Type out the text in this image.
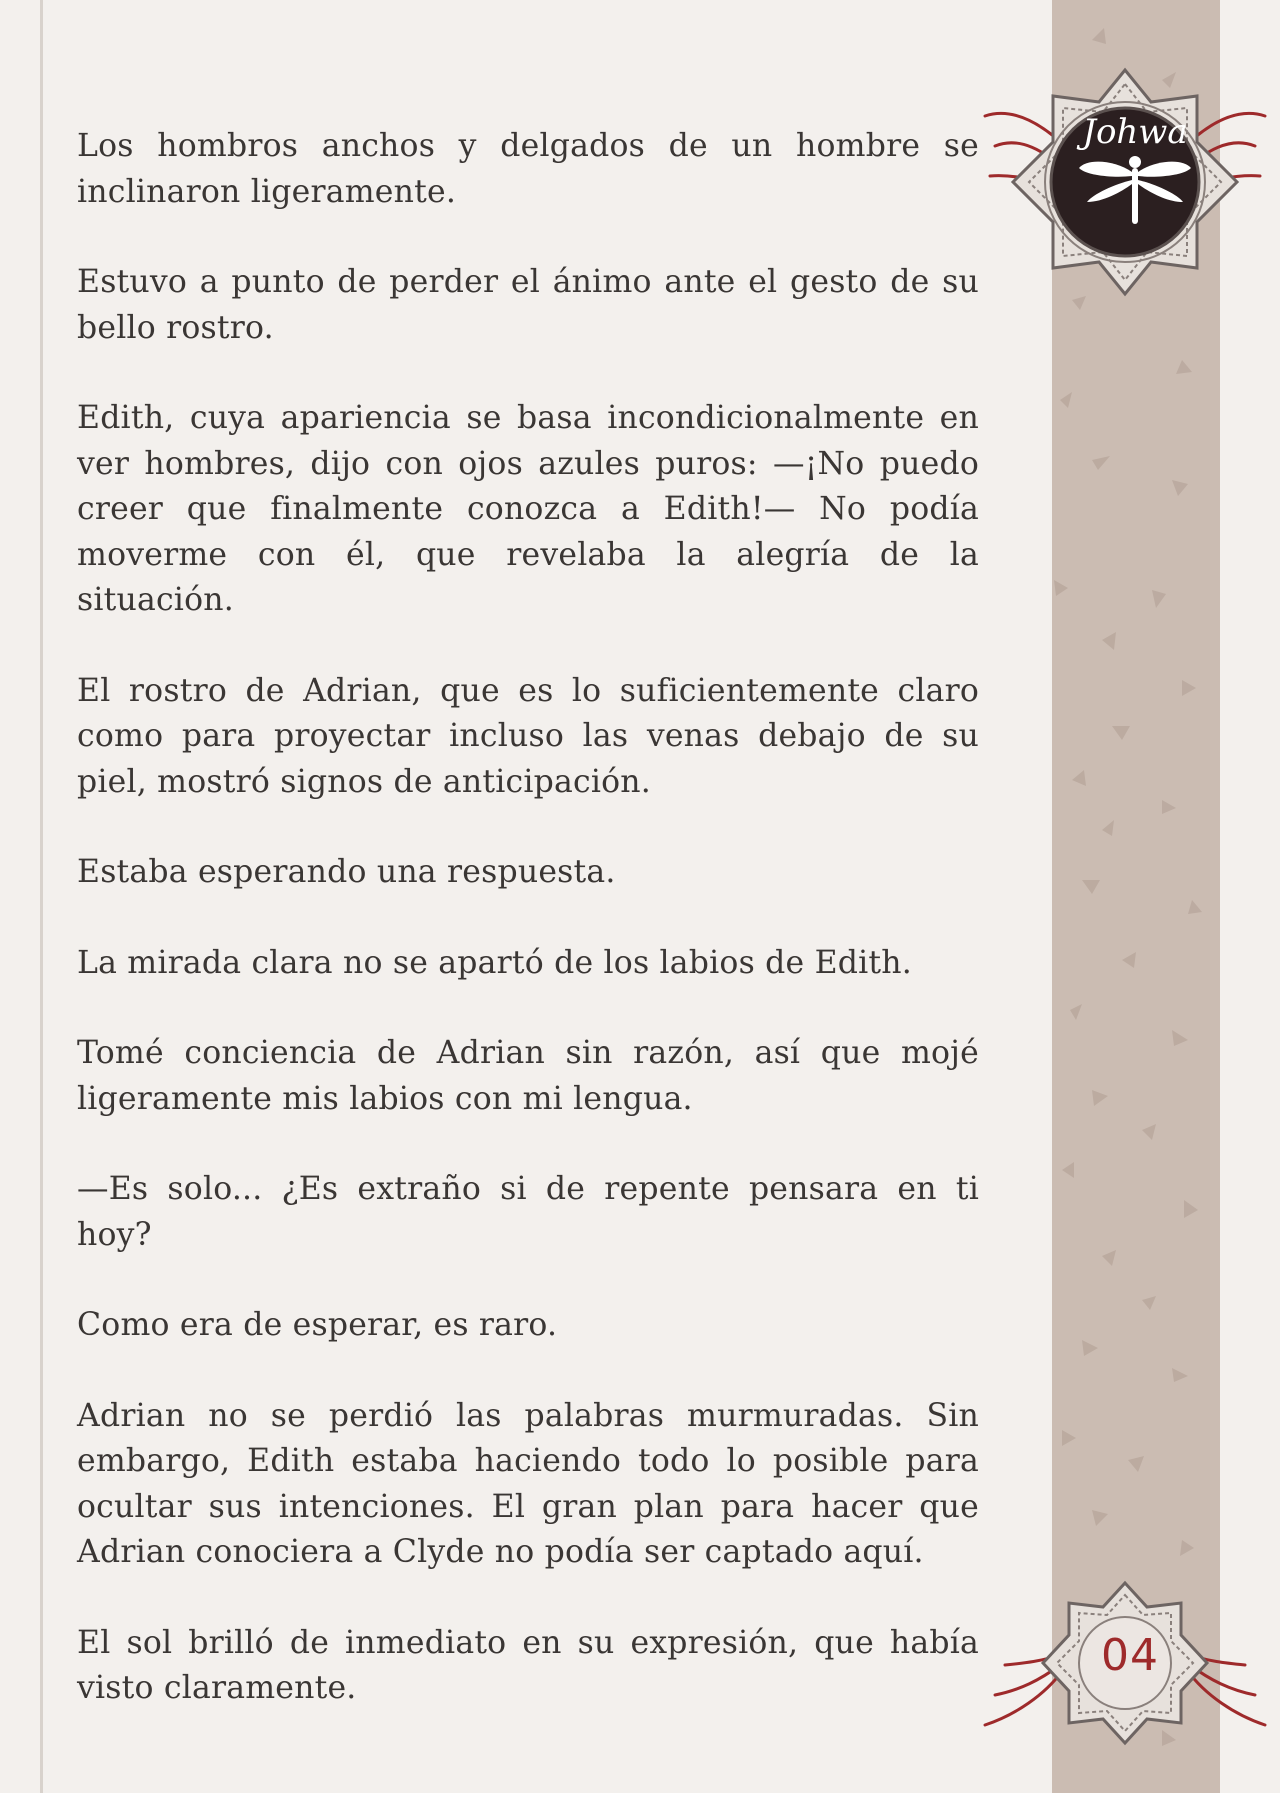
Los hombros anchos y delgados de un hombre se inclinaron ligeramente.

Estuvo a punto de perder el ánimo ante el gesto de su bello rostro.

Edith, cuya apariencia se basa incondicionalmente en ver hombres, dijo con ojos azules puros: —¡No puedo creer que finalmente conozca a Edith!— No podía moverme con él, que revelaba la alegría de la situación.

El rostro de Adrian, que es lo suficientemente claro como para proyectar incluso las venas debajo de su piel, mostró signos de anticipación.

Estaba esperando una respuesta.

La mirada clara no se apartó de los labios de Edith.

Tomé conciencia de Adrian sin razón, así que mojé ligeramente mis labios con mi lengua.

—Es solo... ¿Es extraño si de repente pensara en ti hoy?

Como era de esperar, es raro.

Adrian no se perdió las palabras murmuradas. Sin embargo, Edith estaba haciendo todo lo posible para ocultar sus intenciones. El gran plan para hacer que Adrian conociera a Clyde no podía ser captado aquí.

El sol brilló de inmediato en su expresión, que había visto claramente.

Johwa
04
